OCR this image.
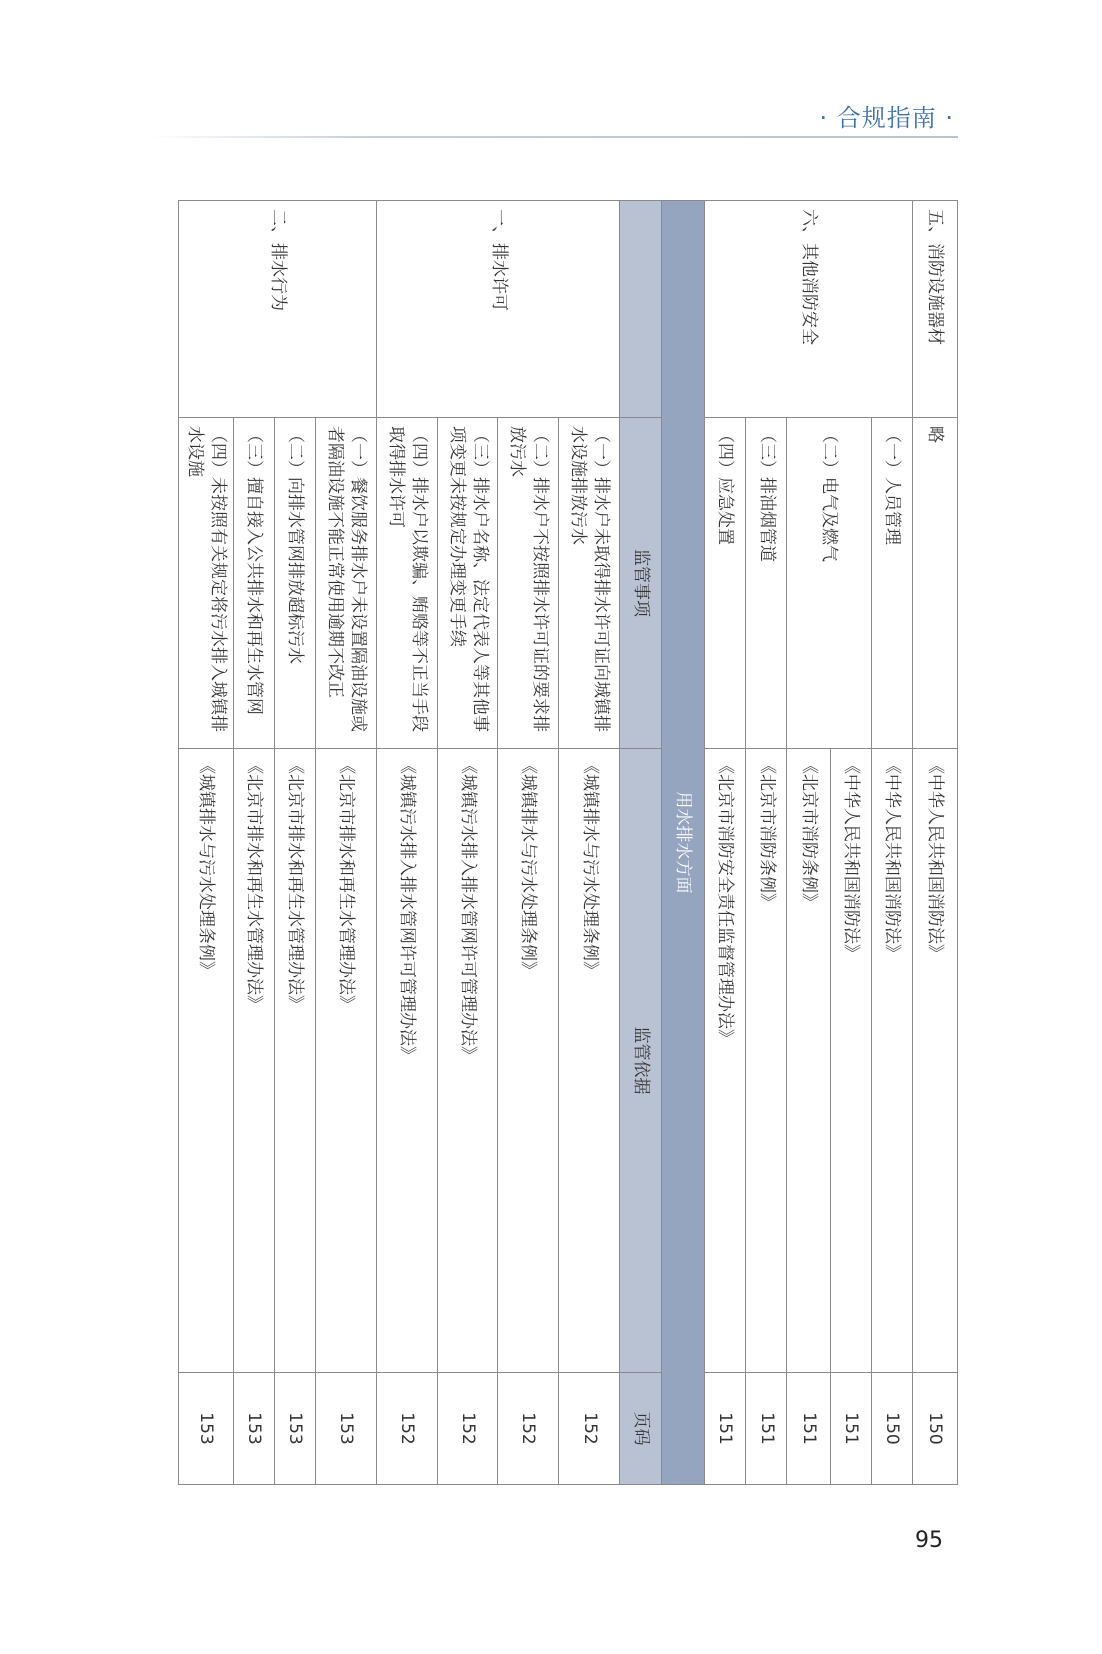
· 合规指南 ·
五、消防设施器材	略	《中华人民共和国消防法》	150
六、其他消防安全	（一）人员管理	《中华人民共和国消防法》	150
	（二）电气及燃气	《中华人民共和国消防法》	151
		《北京市消防条例》	151
	（三）排油烟管道	《北京市消防条例》	151
	（四）应急处置	《北京市消防安全责任监督管理办法》	151
用水排水方面			
	监管事项	监管依据	页码
一、排水许可	（一）排水户未取得排水许可证向城镇排水设施排放污水	《城镇排水与污水处理条例》	152
	（二）排水户不按照排水许可证的要求排放污水	《城镇排水与污水处理条例》	152
	（三）排水户名称、法定代表人等其他事项变更未按规定办理变更手续	《城镇污水排入排水管网许可管理办法》	152
	（四）排水户以欺骗、贿赂等不正当手段取得排水许可	《城镇污水排入排水管网许可管理办法》	152
二、排水行为	（一）餐饮服务排水户未设置隔油设施或者隔油设施不能正常使用逾期不改正	《北京市排水和再生水管理办法》	153
	（二）向排水管网排放超标污水	《北京市排水和再生水管理办法》	153
	（三）擅自接入公共排水和再生水管网	《北京市排水和再生水管理办法》	153
	（四）未按照有关规定将污水排入城镇排水设施	《城镇排水与污水处理条例》	153
95
